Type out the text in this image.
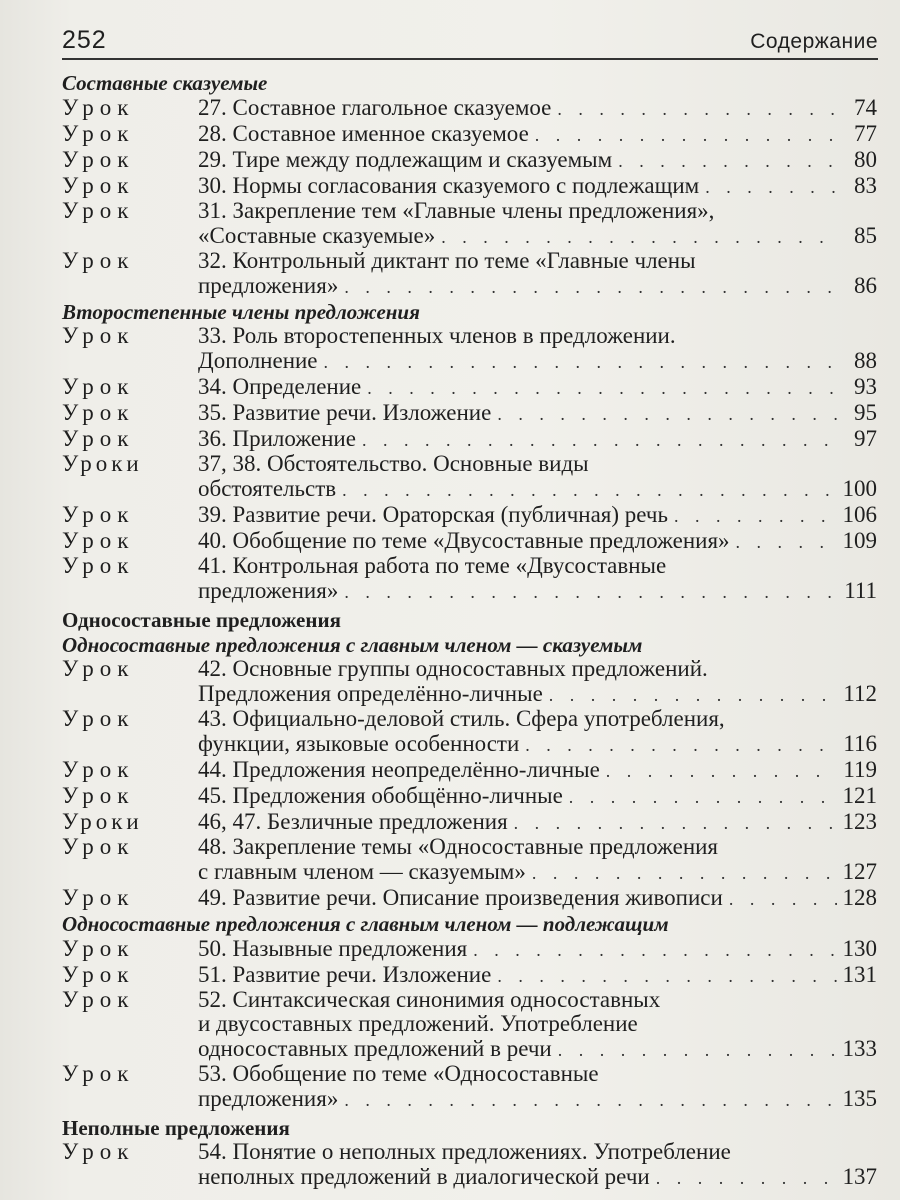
252	Содержание
Составные сказуемые
Урок	27. Составное глагольное сказуемое . . .	74
Урок	28. Составное именное сказуемое . . .	77
Урок	29. Тире между подлежащим и сказуемым . . .	80
Урок	30. Нормы согласования сказуемого с подлежащим . . .	83
Урок	31. Закрепление тем «Главные члены предложения»,
«Составные сказуемые» . . .	85
Урок	32. Контрольный диктант по теме «Главные члены
предложения» . . .	86
Второстепенные члены предложения
Урок	33. Роль второстепенных членов в предложении.
Дополнение . . .	88
Урок	34. Определение . . .	93
Урок	35. Развитие речи. Изложение . . .	95
Урок	36. Приложение . . .	97
Уроки 37, 38. Обстоятельство. Основные виды
обстоятельств . . .	100
Урок	39. Развитие речи. Ораторская (публичная) речь . . .	106
Урок	40. Обобщение по теме «Двусоставные предложения» . . .	109
Урок	41. Контрольная работа по теме «Двусоставные
предложения» . . .	111
Односоставные предложения
Односоставные предложения с главным членом — сказуемым
Урок	42. Основные группы односоставных предложений.
Предложения определённо-личные . . .	112
Урок	43. Официально-деловой стиль. Сфера употребления,
функции, языковые особенности . . .	116
Урок	44. Предложения неопределённо-личные . . .	119
Урок	45. Предложения обобщённо-личные . . .	121
Уроки 46, 47. Безличные предложения . . .	123
Урок	48. Закрепление темы «Односоставные предложения
с главным членом — сказуемым» . . .	127
Урок	49. Развитие речи. Описание произведения живописи . . .	128
Односоставные предложения с главным членом — подлежащим
Урок	50. Назывные предложения . . .	130
Урок	51. Развитие речи. Изложение . . .	131
Урок	52. Синтаксическая синонимия односоставных
и двусоставных предложений. Употребление
односоставных предложений в речи . . .	133
Урок	53. Обобщение по теме «Односоставные
предложения» . . .	135
Неполные предложения
Урок	54. Понятие о неполных предложениях. Употребление
неполных предложений в диалогической речи . . .	137
